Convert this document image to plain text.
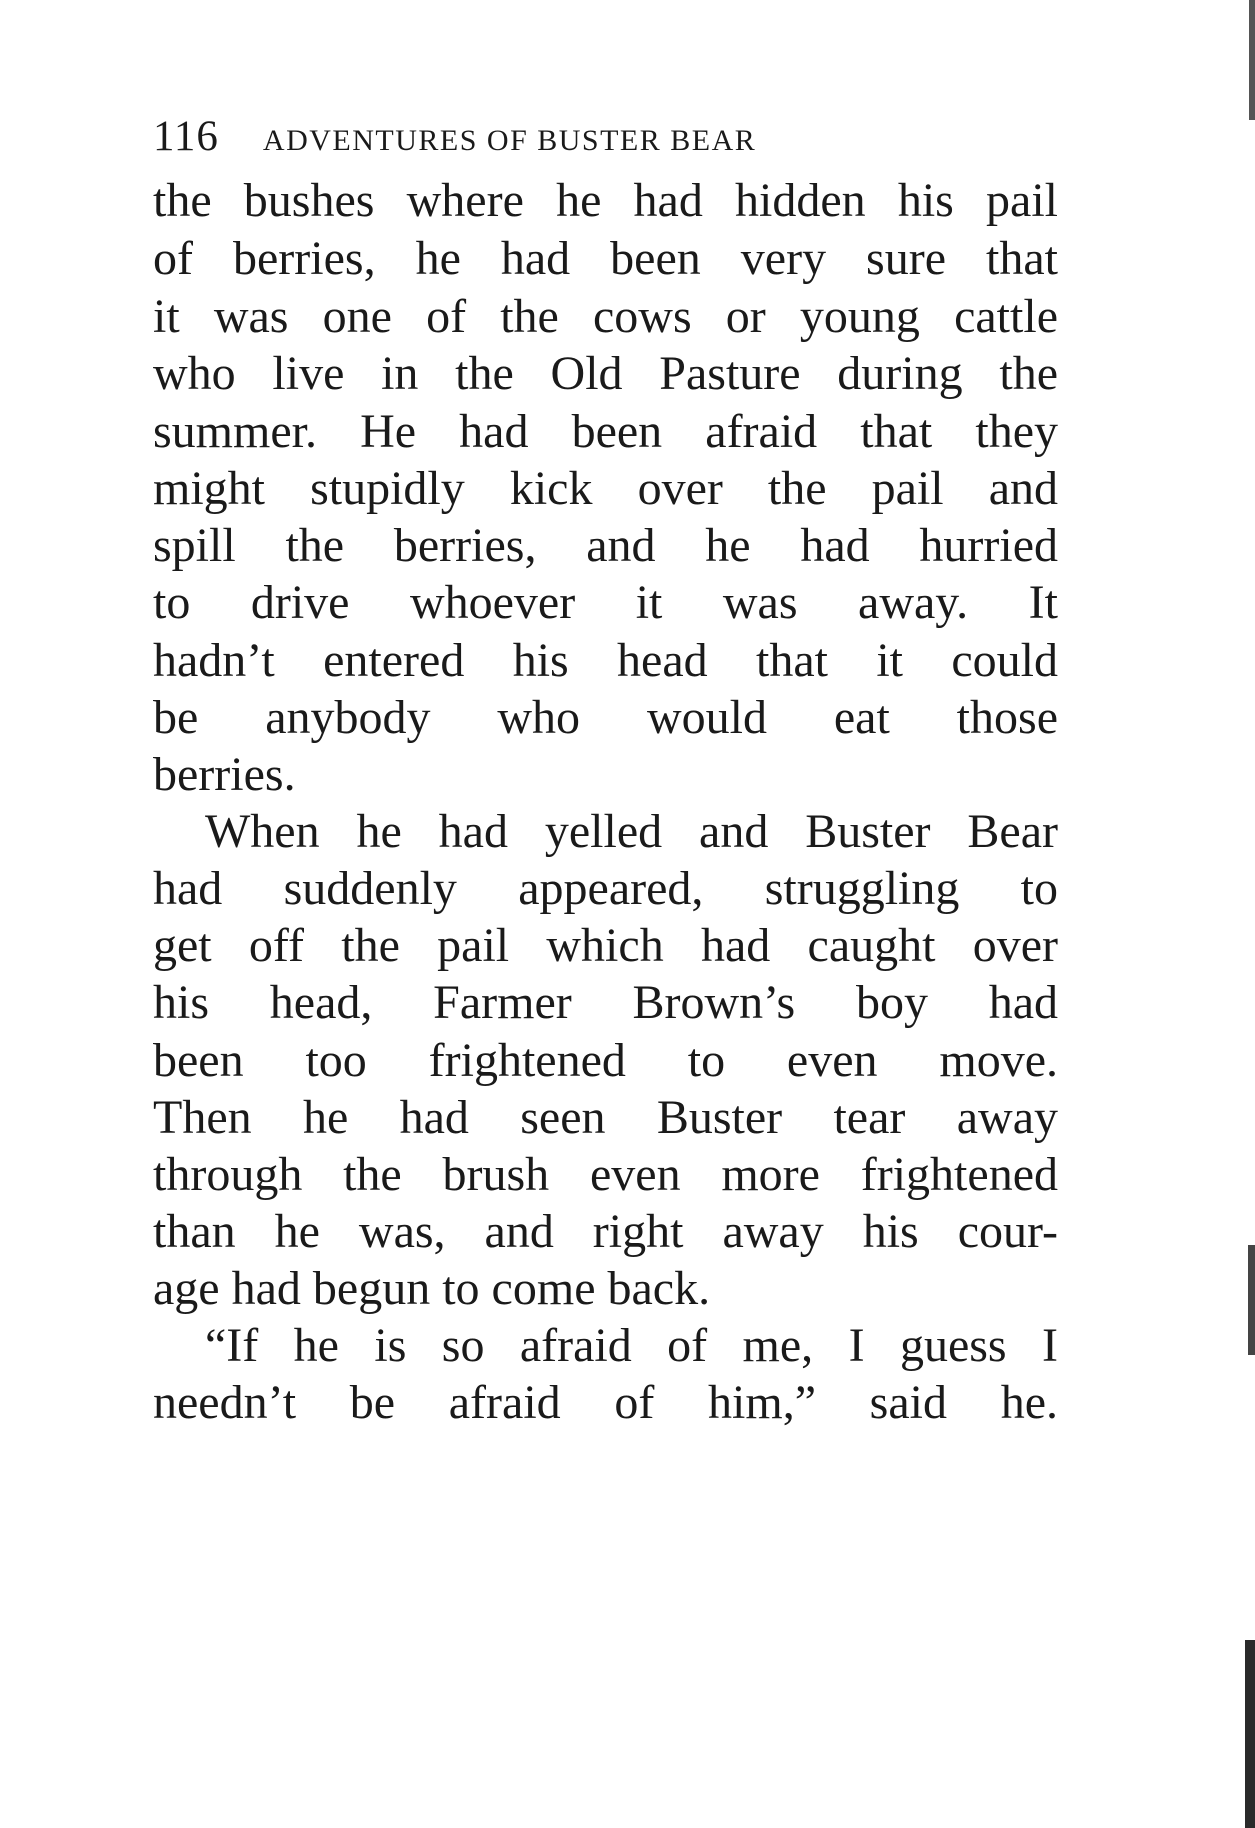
116 ADVENTURES OF BUSTER BEAR
the bushes where he had hidden his pail
of berries, he had been very sure that
it was one of the cows or young cattle
who live in the Old Pasture during the
summer. He had been afraid that they
might stupidly kick over the pail and
spill the berries, and he had hurried
to drive whoever it was away. It
hadn’t entered his head that it could
be anybody who would eat those
berries.
When he had yelled and Buster Bear
had suddenly appeared, struggling to
get off the pail which had caught over
his head, Farmer Brown’s boy had
been too frightened to even move.
Then he had seen Buster tear away
through the brush even more frightened
than he was, and right away his cour-
age had begun to come back.
“If he is so afraid of me, I guess I
needn’t be afraid of him,” said he.
